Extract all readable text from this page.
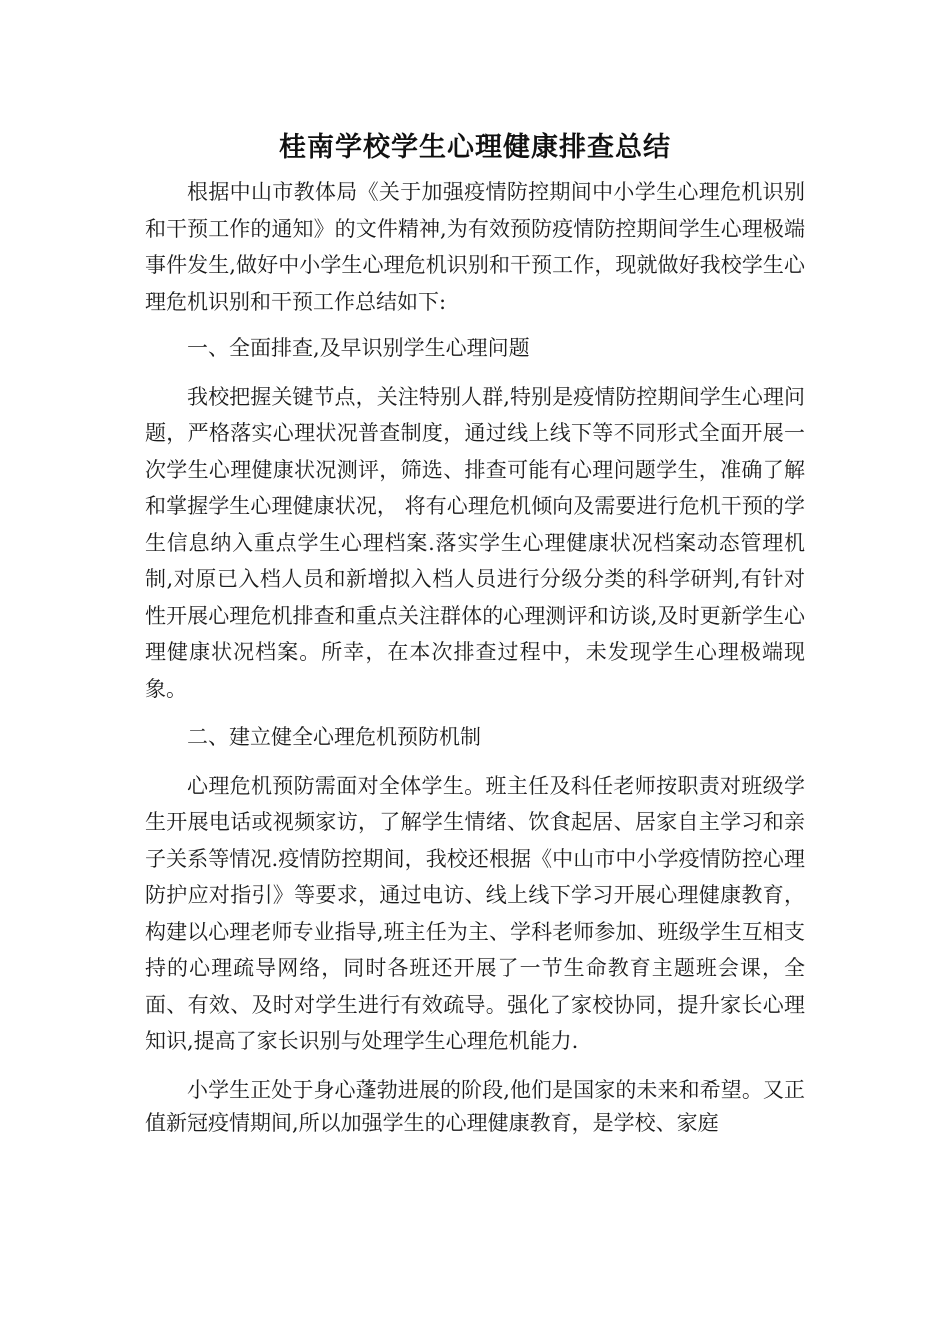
桂南学校学生心理健康排查总结

根据中山市教体局《关于加强疫情防控期间中小学生心理危机识别和干预工作的通知》的文件精神,为有效预防疫情防控期间学生心理极端事件发生,做好中小学生心理危机识别和干预工作，现就做好我校学生心理危机识别和干预工作总结如下:

一、全面排查,及早识别学生心理问题

我校把握关键节点，关注特别人群,特别是疫情防控期间学生心理问题，严格落实心理状况普查制度，通过线上线下等不同形式全面开展一次学生心理健康状况测评，筛选、排查可能有心理问题学生，准确了解和掌握学生心理健康状况， 将有心理危机倾向及需要进行危机干预的学生信息纳入重点学生心理档案.落实学生心理健康状况档案动态管理机制,对原已入档人员和新增拟入档人员进行分级分类的科学研判,有针对性开展心理危机排查和重点关注群体的心理测评和访谈,及时更新学生心理健康状况档案。所幸，在本次排查过程中，未发现学生心理极端现象。

二、建立健全心理危机预防机制

心理危机预防需面对全体学生。班主任及科任老师按职责对班级学生开展电话或视频家访，了解学生情绪、饮食起居、居家自主学习和亲子关系等情况.疫情防控期间，我校还根据《中山市中小学疫情防控心理防护应对指引》等要求，通过电访、线上线下学习开展心理健康教育，构建以心理老师专业指导,班主任为主、学科老师参加、班级学生互相支持的心理疏导网络，同时各班还开展了一节生命教育主题班会课，全面、有效、及时对学生进行有效疏导。强化了家校协同，提升家长心理知识,提高了家长识别与处理学生心理危机能力.

小学生正处于身心蓬勃进展的阶段,他们是国家的未来和希望。又正值新冠疫情期间,所以加强学生的心理健康教育，是学校、家庭
